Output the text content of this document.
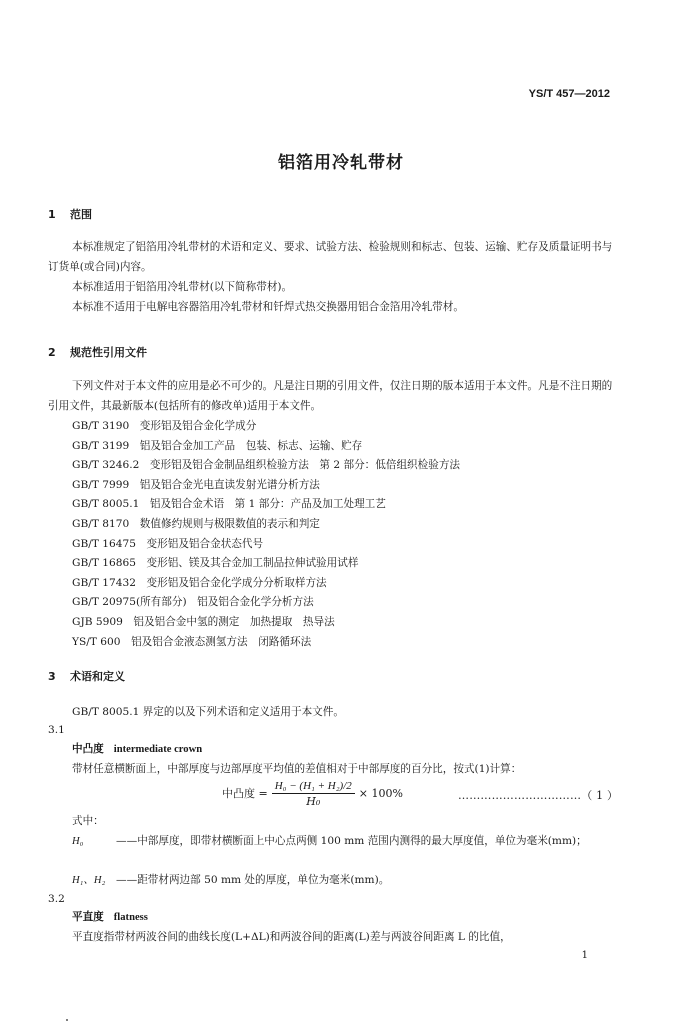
YS/T 457—2012
铝箔用冷轧带材
1 范围
本标准规定了铝箔用冷轧带材的术语和定义、要求、试验方法、检验规则和标志、包装、运输、贮存及质量证明书与订货单(或合同)内容。
本标准适用于铝箔用冷轧带材(以下简称带材)。
本标准不适用于电解电容器箔用冷轧带材和钎焊式热交换器用铝合金箔用冷轧带材。
2 规范性引用文件
下列文件对于本文件的应用是必不可少的。凡是注日期的引用文件，仅注日期的版本适用于本文件。凡是不注日期的引用文件，其最新版本(包括所有的修改单)适用于本文件。
GB/T 3190　变形铝及铝合金化学成分
GB/T 3199　铝及铝合金加工产品　包装、标志、运输、贮存
GB/T 3246.2　变形铝及铝合金制品组织检验方法　第 2 部分：低倍组织检验方法
GB/T 7999　铝及铝合金光电直读发射光谱分析方法
GB/T 8005.1　铝及铝合金术语　第 1 部分：产品及加工处理工艺
GB/T 8170　数值修约规则与极限数值的表示和判定
GB/T 16475　变形铝及铝合金状态代号
GB/T 16865　变形铝、镁及其合金加工制品拉伸试验用试样
GB/T 17432　变形铝及铝合金化学成分分析取样方法
GB/T 20975(所有部分)　铝及铝合金化学分析方法
GJB 5909　铝及铝合金中氢的测定　加热提取　热导法
YS/T 600　铝及铝合金液态测氢方法　闭路循环法
3 术语和定义
GB/T 8005.1 界定的以及下列术语和定义适用于本文件。
3.1
中凸度 intermediate crown
带材任意横断面上，中部厚度与边部厚度平均值的差值相对于中部厚度的百分比，按式(1)计算：
中凸度 = $\frac{\text{H₀ − (H₁ + H₂)/2}}{\text{H₀}} \times 100\%$	……………………………（ 1 ）
式中：
H₀	——中部厚度，即带材横断面上中心点两侧 100 mm 范围内测得的最大厚度值，单位为毫米(mm)；
H₁、H₂ ——距带材两边部 50 mm 处的厚度，单位为毫米(mm)。
3.2
平直度 flatness
平直度指带材两波谷间的曲线长度(L+ΔL)和两波谷间的距离(L)差与两波谷间距离 L 的比值，
1
